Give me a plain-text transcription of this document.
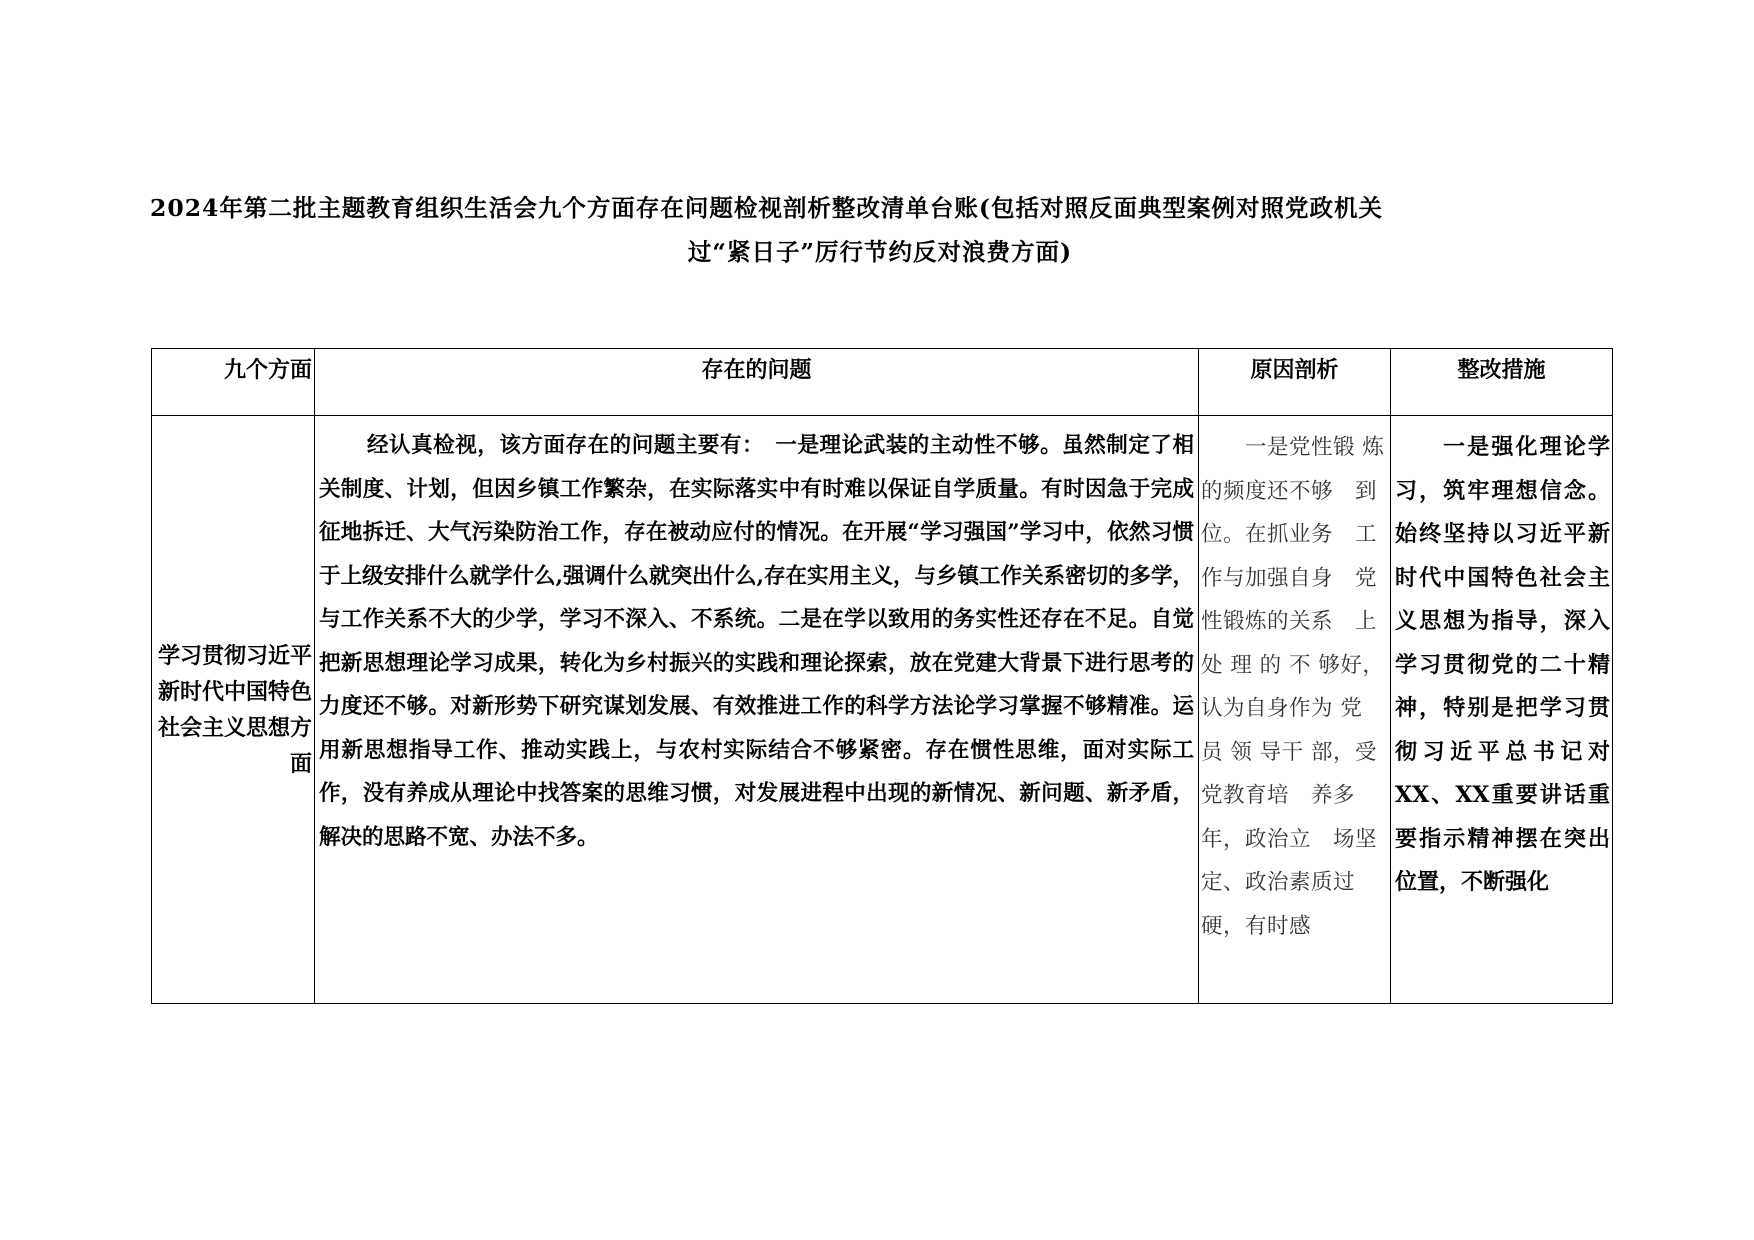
2024年第二批主题教育组织生活会九个方面存在问题检视剖析整改清单台账(包括对照反面典型案例对照党政机关
过“紧日子”厉行节约反对浪费方面)
九个方面	存在的问题	原因剖析	整改措施
学习贯彻习近平新时代中国特色社会主义思想方面	经认真检视，该方面存在的问题主要有：　一是理论武装的主动性不够。虽然制定了相关制度、计划，但因乡镇工作繁杂，在实际落实中有时难以保证自学质量。有时因急于完成征地拆迁、大气污染防治工作，存在被动应付的情况。在开展“学习强国”学习中，依然习惯于上级安排什么就学什么,强调什么就突出什么,存在实用主义，与乡镇工作关系密切的多学，与工作关系不大的少学，学习不深入、不系统。二是在学以致用的务实性还存在不足。自觉把新思想理论学习成果，转化为乡村振兴的实践和理论探索，放在党建大背景下进行思考的力度还不够。对新形势下研究谋划发展、有效推进工作的科学方法论学习掌握不够精准。运用新思想指导工作、推动实践上，与农村实际结合不够紧密。存在惯性思维，面对实际工作，没有养成从理论中找答案的思维习惯，对发展进程中出现的新情况、新问题、新矛盾，解决的思路不宽、办法不多。	一是党性锻 炼的频度还不够　到位。在抓业务　工作与加强自身　党性锻炼的关系　上处 理 的 不 够好，认为自身作为 党 员 领 导干 部，受党教育培　养多年，政治立　场坚定、政治素质过硬，有时感	一是强化理论学习，筑牢理想信念。始终坚持以习近平新时代中国特色社会主义思想为指导，深入学习贯彻党的二十精神，特别是把学习贯彻习近平总书记对XX、XX重要讲话重要指示精神摆在突出位置，不断强化
